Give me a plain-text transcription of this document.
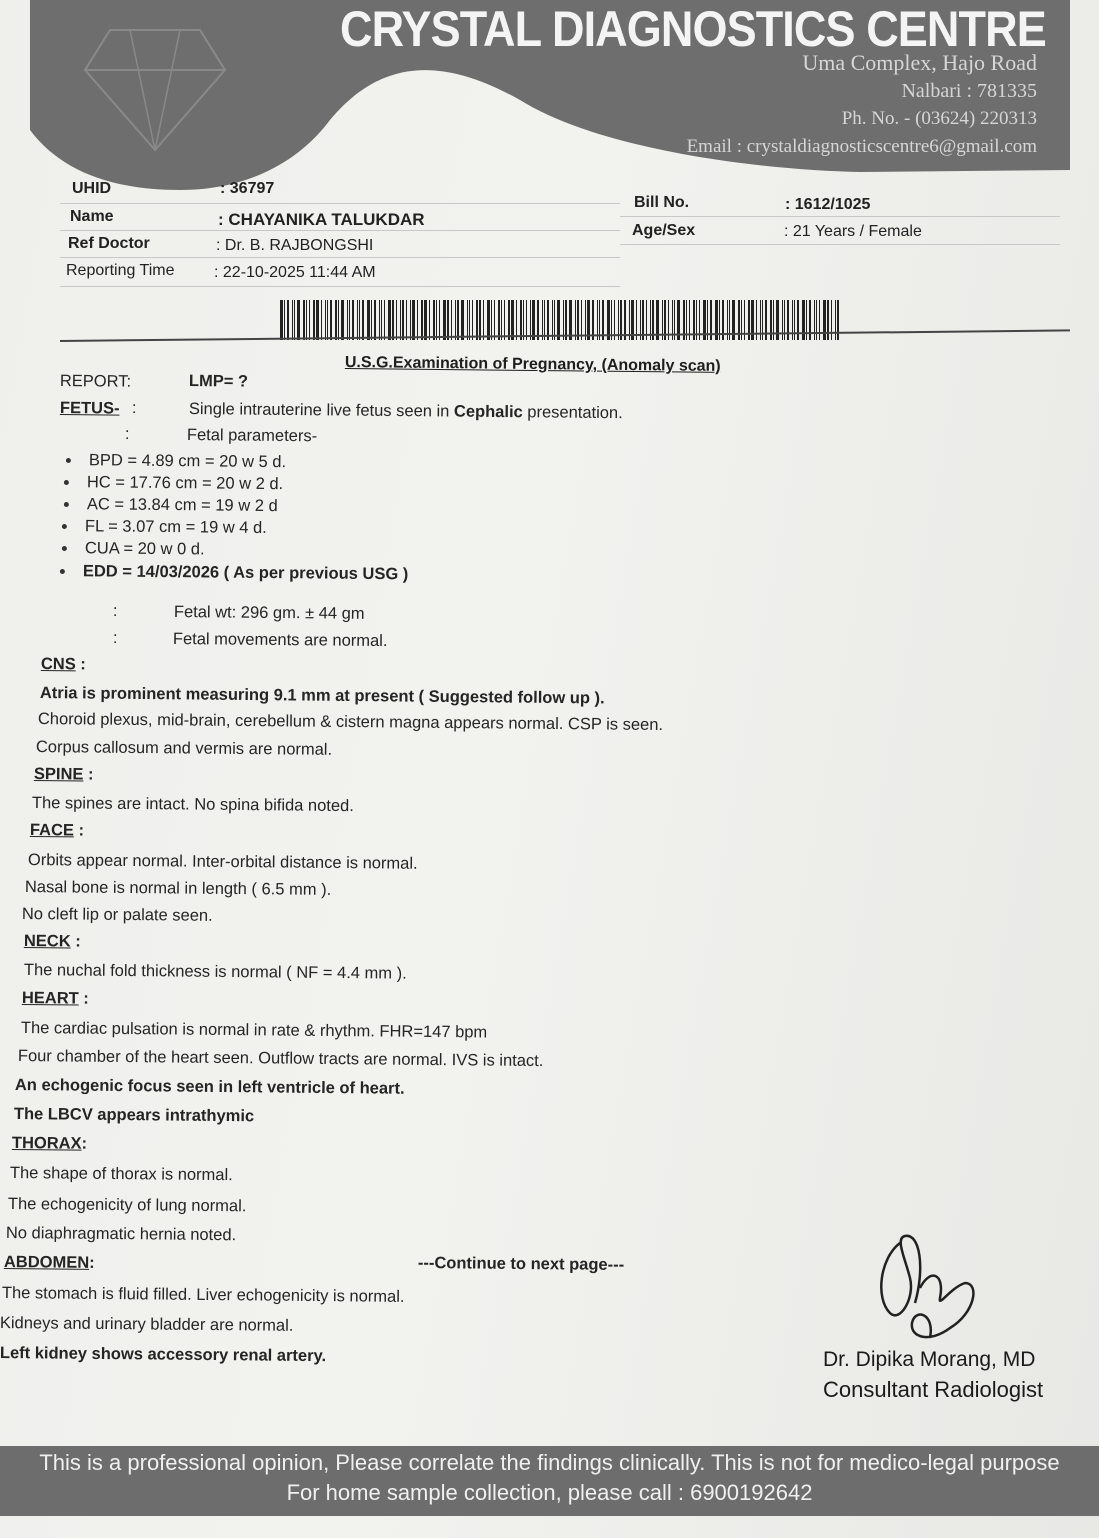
CRYSTAL DIAGNOSTICS CENTRE
Uma Complex, Hajo Road
Nalbari : 781335
Ph. No. - (03624) 220313
Email : crystaldiagnosticscentre6@gmail.com
UHID	: 36797
Name	: CHAYANIKA TALUKDAR
Ref Doctor	: Dr. B. RAJBONGSHI
Reporting Time : 22-10-2025 11:44 AM
Bill No.	: 1612/1025
Age/Sex	: 21 Years / Female
U.S.G.Examination of Pregnancy, (Anomaly scan)
REPORT:	LMP= ?
FETUS- :	Single intrauterine live fetus seen in Cephalic presentation.
:	Fetal parameters-
BPD = 4.89 cm = 20 w 5 d.
HC = 17.76 cm = 20 w 2 d.
AC = 13.84 cm = 19 w 2 d
FL = 3.07 cm = 19 w 4 d.
CUA = 20 w 0 d.
EDD = 14/03/2026 ( As per previous USG )
:	Fetal wt: 296 gm. ± 44 gm
:	Fetal movements are normal.
CNS :
Atria is prominent measuring 9.1 mm at present ( Suggested follow up ).
Choroid plexus, mid-brain, cerebellum & cistern magna appears normal. CSP is seen.
Corpus callosum and vermis are normal.
SPINE :
The spines are intact. No spina bifida noted.
FACE :
Orbits appear normal. Inter-orbital distance is normal.
Nasal bone is normal in length ( 6.5 mm ).
No cleft lip or palate seen.
NECK :
The nuchal fold thickness is normal ( NF = 4.4 mm ).
HEART :
The cardiac pulsation is normal in rate & rhythm. FHR=147 bpm
Four chamber of the heart seen. Outflow tracts are normal. IVS is intact.
An echogenic focus seen in left ventricle of heart.
The LBCV appears intrathymic
THORAX:
The shape of thorax is normal.
The echogenicity of lung normal.
No diaphragmatic hernia noted.
ABDOMEN:	---Continue to next page---
The stomach is fluid filled. Liver echogenicity is normal.
Kidneys and urinary bladder are normal.
Left kidney shows accessory renal artery.	Dr. Dipika Morang, MD
Consultant Radiologist
This is a professional opinion, Please correlate the findings clinically. This is not for medico-legal purpose
For home sample collection, please call : 6900192642
